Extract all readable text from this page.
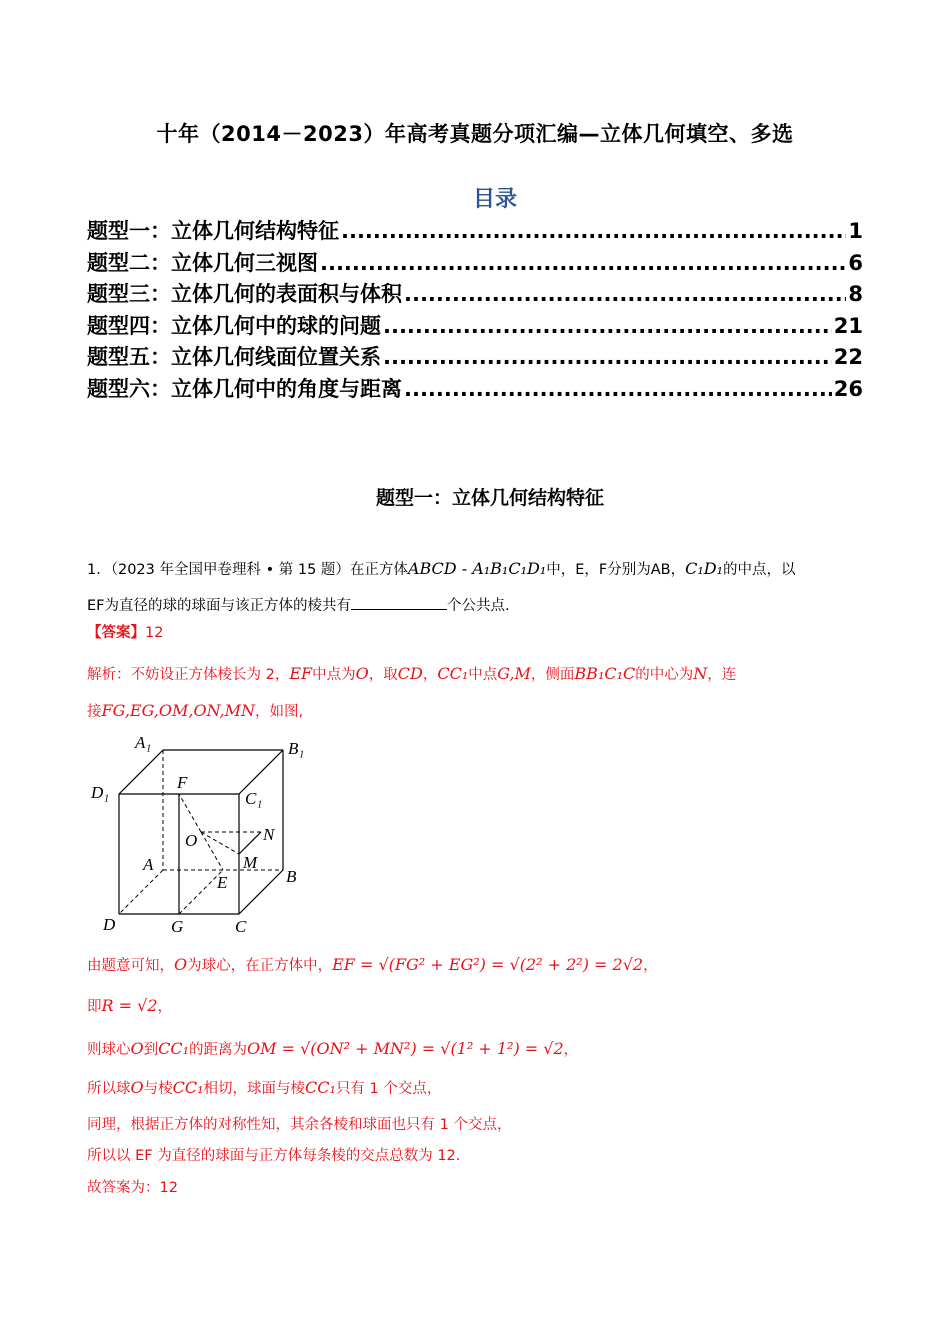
十年（2014－2023）年高考真题分项汇编—立体几何填空、多选
目录
题型一：立体几何结构特征 .....	1
题型二：立体几何三视图 .....	6
题型三：立体几何的表面积与体积 .....	8
题型四：立体几何中的球的问题 .....	21
题型五：立体几何线面位置关系 .....	22
题型六：立体几何中的角度与距离 .....	26
题型一：立体几何结构特征
1．（2023 年全国甲卷理科 • 第 15 题）在正方体ABCD - A₁B₁C₁D₁中，E，F分别为AB，C₁D₁的中点，以
EF为直径的球的球面与该正方体的棱共有	个公共点.
【答案】12
解析：不妨设正方体棱长为 2，EF中点为O，取CD，CC₁中点G,M，侧面BB₁C₁C的中心为N，连
接FG,EG,OM,ON,MN，如图,
A₁	B₁
D₁	C₁
F
O	N
M
A
E	B
D	G	C
由题意可知，O为球心，在正方体中，EF = √(FG² + EG²) = √(2² + 2²) = 2√2，
即R = √2，
则球心O到CC₁的距离为OM = √(ON² + MN²) = √(1² + 1²) = √2，
所以球O与棱CC₁相切，球面与棱CC₁只有 1 个交点，
同理，根据正方体的对称性知，其余各棱和球面也只有 1 个交点，
所以以 EF 为直径的球面与正方体每条棱的交点总数为 12.
故答案为：12
